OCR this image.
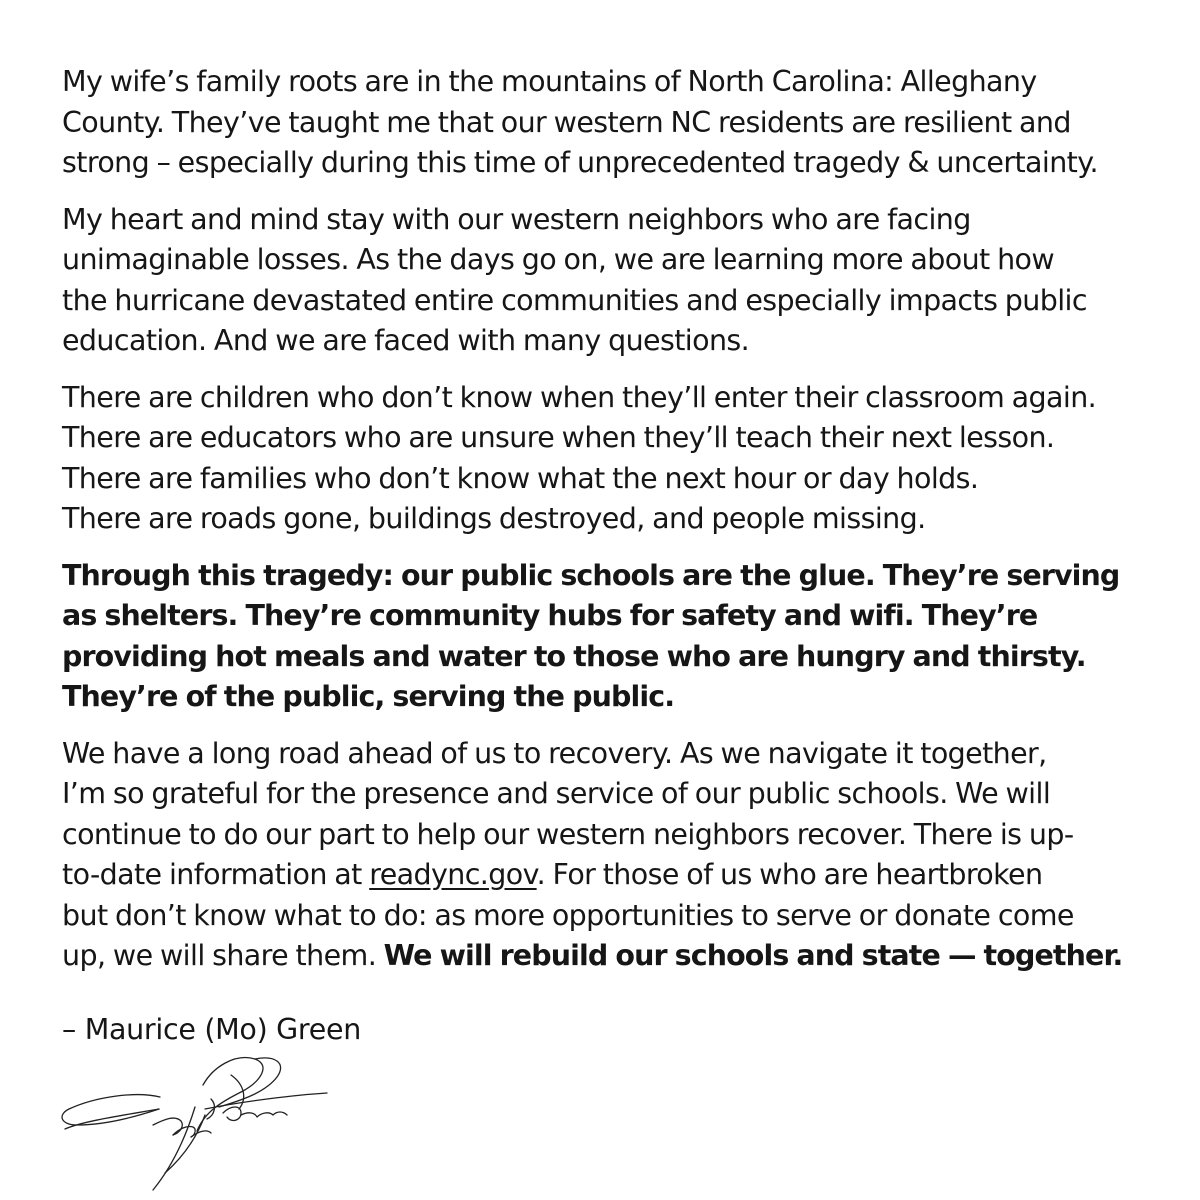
My wife’s family roots are in the mountains of North Carolina: Alleghany
County. They’ve taught me that our western NC residents are resilient and
strong – especially during this time of unprecedented tragedy & uncertainty.

My heart and mind stay with our western neighbors who are facing
unimaginable losses. As the days go on, we are learning more about how
the hurricane devastated entire communities and especially impacts public
education. And we are faced with many questions.

There are children who don’t know when they’ll enter their classroom again.
There are educators who are unsure when they’ll teach their next lesson.
There are families who don’t know what the next hour or day holds.
There are roads gone, buildings destroyed, and people missing.

Through this tragedy: our public schools are the glue. They’re serving
as shelters. They’re community hubs for safety and wifi. They’re
providing hot meals and water to those who are hungry and thirsty.
They’re of the public, serving the public.

We have a long road ahead of us to recovery. As we navigate it together,
I’m so grateful for the presence and service of our public schools. We will
continue to do our part to help our western neighbors recover. There is up-
to-date information at readync.gov. For those of us who are heartbroken
but don’t know what to do: as more opportunities to serve or donate come
up, we will share them. We will rebuild our schools and state — together.

– Maurice (Mo) Green
